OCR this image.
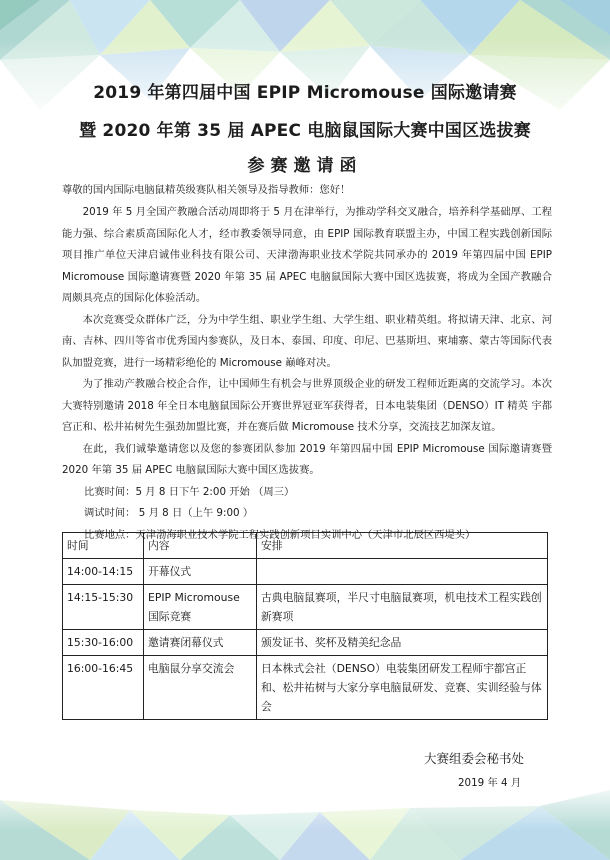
2019 年第四届中国 EPIP Micromouse 国际邀请赛
暨 2020 年第 35 届 APEC 电脑鼠国际大赛中国区选拔赛
参赛邀请函

尊敬的国内国际电脑鼠精英级赛队相关领导及指导教师：您好！

2019 年 5 月全国产教融合活动周即将于 5 月在津举行，为推动学科交叉融合，培养科学基础厚、工程能力强、综合素质高国际化人才，经市教委领导同意，由 EPIP 国际教育联盟主办，中国工程实践创新国际项目推广单位天津启诚伟业科技有限公司、天津渤海职业技术学院共同承办的 2019 年第四届中国 EPIP Micromouse 国际邀请赛暨 2020 年第 35 届 APEC 电脑鼠国际大赛中国区选拔赛，将成为全国产教融合周颇具亮点的国际化体验活动。

本次竞赛受众群体广泛，分为中学生组、职业学生组、大学生组、职业精英组。将拟请天津、北京、河南、吉林、四川等省市优秀国内参赛队，及日本、泰国、印度、印尼、巴基斯坦、柬埔寨、蒙古等国际代表队加盟竞赛，进行一场精彩绝伦的 Micromouse 巅峰对决。

为了推动产教融合校企合作，让中国师生有机会与世界顶级企业的研发工程师近距离的交流学习。本次大赛特别邀请 2018 年全日本电脑鼠国际公开赛世界冠亚军获得者，日本电装集团（DENSO）IT 精英 宇都宫正和、松井祐树先生强劲加盟比赛，并在赛后做 Micromouse 技术分享，交流技艺加深友谊。

在此，我们诚挚邀请您以及您的参赛团队参加 2019 年第四届中国 EPIP Micromouse 国际邀请赛暨 2020 年第 35 届 APEC 电脑鼠国际大赛中国区选拔赛。

比赛时间：5 月 8 日下午 2:00 开始 （周三）

调试时间： 5 月 8 日（上午 9:00 ）

比赛地点：天津渤海职业技术学院工程实践创新项目实训中心（天津市北辰区西堤头）

时间	内容	安排
14:00-14:15	开幕仪式	
14:15-15:30	EPIP Micromouse 国际竞赛	古典电脑鼠赛项，半尺寸电脑鼠赛项，机电技术工程实践创新赛项
15:30-16:00	邀请赛闭幕仪式	颁发证书、奖杯及精美纪念品
16:00-16:45	电脑鼠分享交流会	日本株式会社（DENSO）电装集团研发工程师宇都宫正和、松井祐树与大家分享电脑鼠研发、竞赛、实训经验与体会
大赛组委会秘书处
2019 年 4 月
